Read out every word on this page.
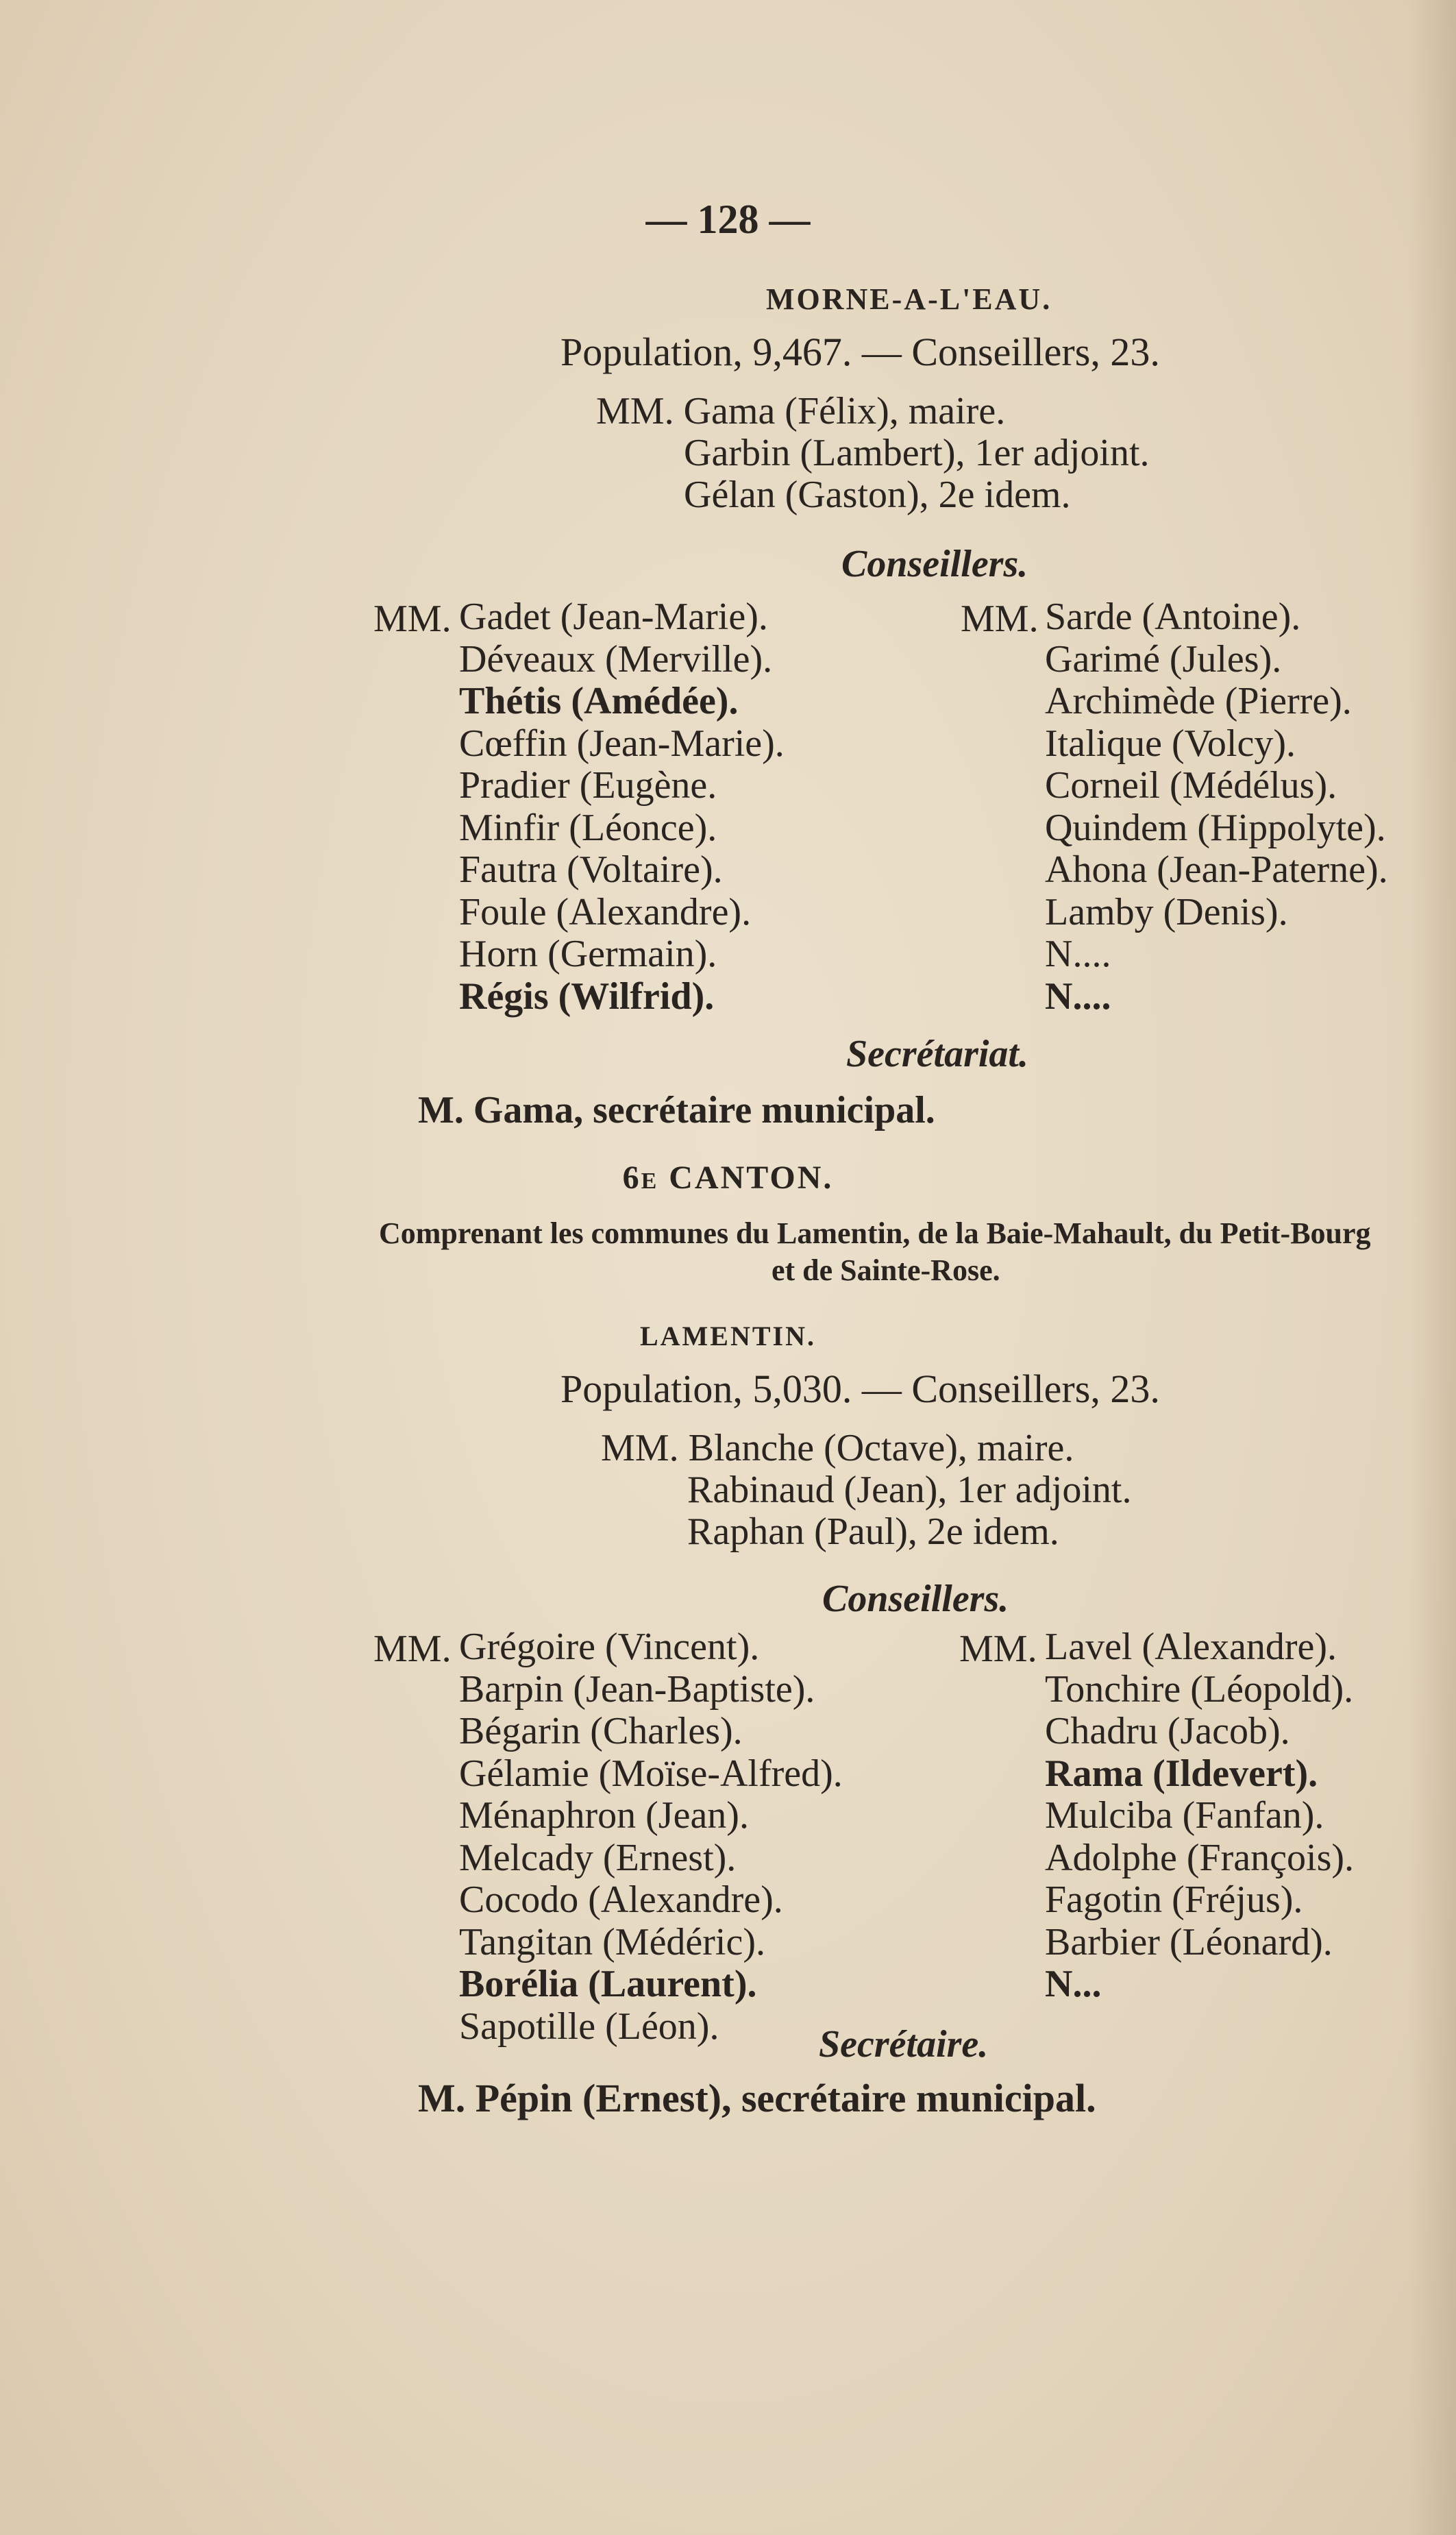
— 128 —
MORNE-A-L'EAU.
Population, 9,467. — Conseillers, 23.
MM. Gama (Félix), maire.
Garbin (Lambert), 1er adjoint.
Gélan (Gaston), 2e idem.
Conseillers.
MM. Gadet (Jean-Marie).
Déveaux (Merville).
Thétis (Amédée).
Cœffin (Jean-Marie).
Pradier (Eugène.
Minfir (Léonce).
Fautra (Voltaire).
Foule (Alexandre).
Horn (Germain).
Régis (Wilfrid).
MM. Sarde (Antoine).
Garimé (Jules).
Archimède (Pierre).
Italique (Volcy).
Corneil (Médélus).
Quindem (Hippolyte).
Ahona (Jean-Paterne).
Lamby (Denis).
N....
N....
Secrétariat.
M. Gama, secrétaire municipal.
6e CANTON.
Comprenant les communes du Lamentin, de la Baie-Mahault, du Petit-Bourg
et de Sainte-Rose.
LAMENTIN.
Population, 5,030. — Conseillers, 23.
MM. Blanche (Octave), maire.
Rabinaud (Jean), 1er adjoint.
Raphan (Paul), 2e idem.
Conseillers.
MM. Grégoire (Vincent).
Barpin (Jean-Baptiste).
Bégarin (Charles).
Gélamie (Moïse-Alfred).
Ménaphron (Jean).
Melcady (Ernest).
Cocodo (Alexandre).
Tangitan (Médéric).
Borélia (Laurent).
Sapotille (Léon).
MM. Lavel (Alexandre).
Tonchire (Léopold).
Chadru (Jacob).
Rama (Ildevert).
Mulciba (Fanfan).
Adolphe (François).
Fagotin (Fréjus).
Barbier (Léonard).
N...
Secrétaire.
M. Pépin (Ernest), secrétaire municipal.
